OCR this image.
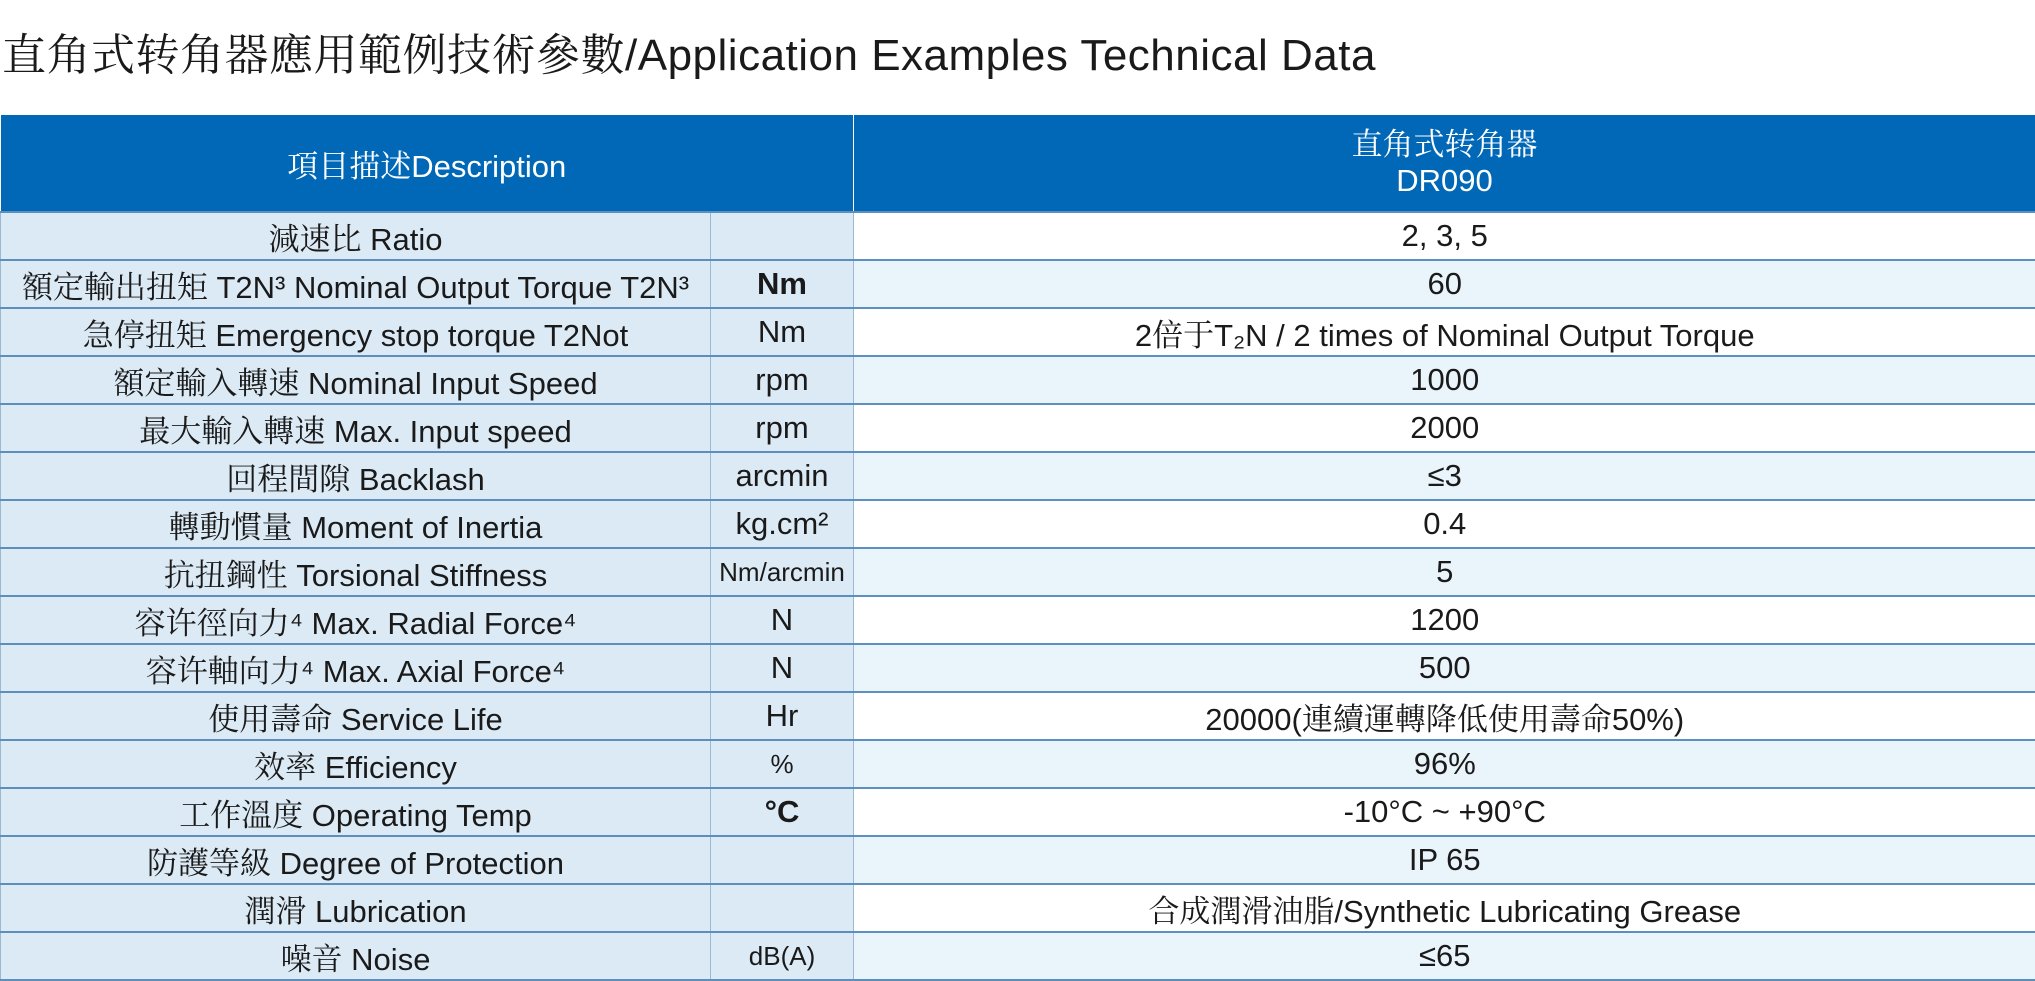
直角式转角器應用範例技術參數/Application Examples Technical Data
項目描述Description		直角式转角器
DR090

減速比 Ratio		2, 3, 5
額定輸出扭矩 T2N³ Nominal Output Torque T2N³	Nm	60
急停扭矩 Emergency stop torque T2Not	Nm	2倍于T₂N / 2 times of Nominal Output Torque
額定輸入轉速 Nominal Input Speed	rpm	1000
最大輸入轉速 Max. Input speed	rpm	2000
回程間隙 Backlash	arcmin	≤3
轉動慣量 Moment of Inertia	kg.cm²	0.4
抗扭鋼性 Torsional Stiffness	Nm/arcmin	5
容许徑向力⁴ Max. Radial Force⁴	N	1200
容许軸向力⁴ Max. Axial Force⁴	N	500
使用壽命 Service Life	Hr	20000(連續運轉降低使用壽命50%)
效率 Efficiency	%	96%
工作溫度 Operating Temp	°C	-10°C ~ +90°C
防護等級 Degree of Protection		IP 65
潤滑 Lubrication		合成潤滑油脂/Synthetic Lubricating Grease
噪音 Noise	dB(A)	≤65
